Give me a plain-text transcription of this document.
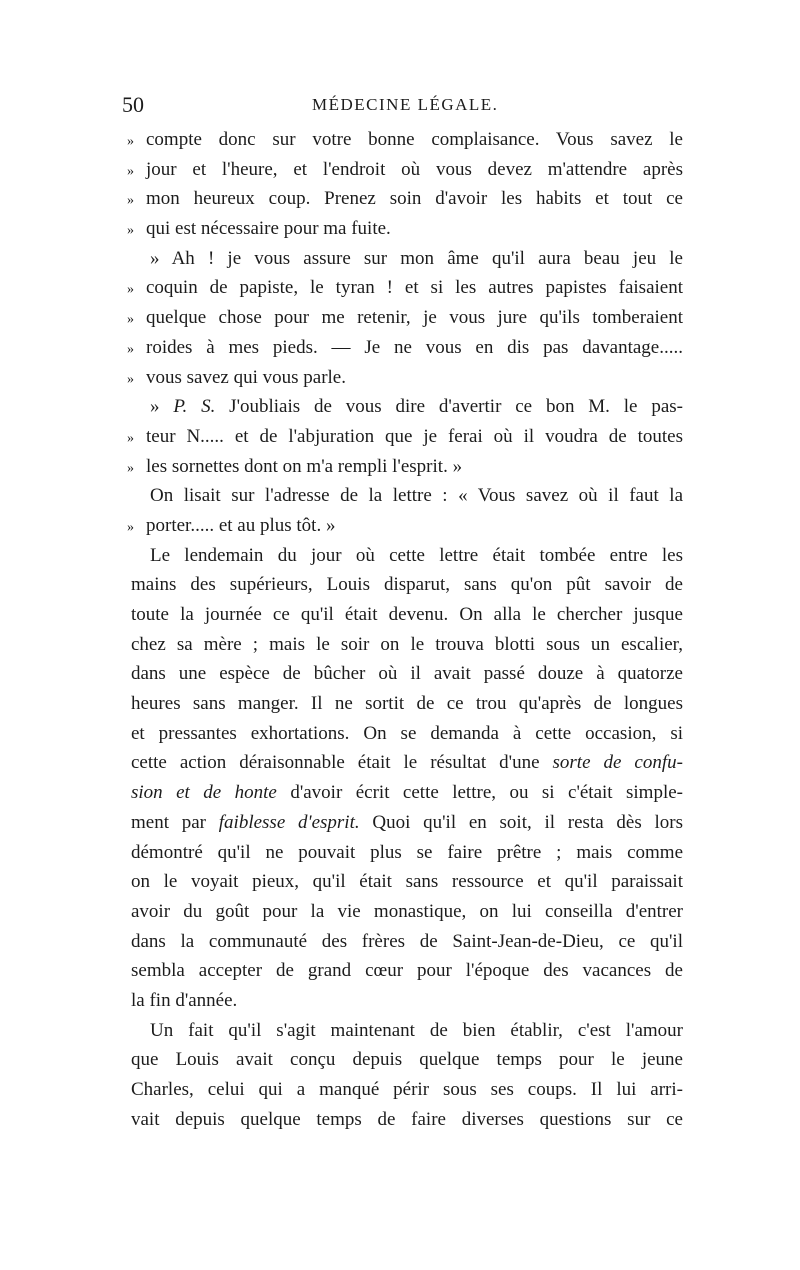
50	MÉDECINE LÉGALE.
» compte donc sur votre bonne complaisance. Vous savez le
» jour et l'heure, et l'endroit où vous devez m'attendre après
» mon heureux coup. Prenez soin d'avoir les habits et tout ce
» qui est nécessaire pour ma fuite.
» Ah ! je vous assure sur mon âme qu'il aura beau jeu le
» coquin de papiste, le tyran ! et si les autres papistes faisaient
» quelque chose pour me retenir, je vous jure qu'ils tomberaient
» roides à mes pieds. — Je ne vous en dis pas davantage.....
» vous savez qui vous parle.
» P. S. J'oubliais de vous dire d'avertir ce bon M. le pas-
» teur N..... et de l'abjuration que je ferai où il voudra de toutes
» les sornettes dont on m'a rempli l'esprit. »
On lisait sur l'adresse de la lettre : « Vous savez où il faut la
» porter..... et au plus tôt. »
Le lendemain du jour où cette lettre était tombée entre les
mains des supérieurs, Louis disparut, sans qu'on pût savoir de
toute la journée ce qu'il était devenu. On alla le chercher jusque
chez sa mère ; mais le soir on le trouva blotti sous un escalier,
dans une espèce de bûcher où il avait passé douze à quatorze
heures sans manger. Il ne sortit de ce trou qu'après de longues
et pressantes exhortations. On se demanda à cette occasion, si
cette action déraisonnable était le résultat d'une sorte de confu-
sion et de honte d'avoir écrit cette lettre, ou si c'était simple-
ment par faiblesse d'esprit. Quoi qu'il en soit, il resta dès lors
démontré qu'il ne pouvait plus se faire prêtre ; mais comme
on le voyait pieux, qu'il était sans ressource et qu'il paraissait
avoir du goût pour la vie monastique, on lui conseilla d'entrer
dans la communauté des frères de Saint-Jean-de-Dieu, ce qu'il
sembla accepter de grand cœur pour l'époque des vacances de
la fin d'année.
Un fait qu'il s'agit maintenant de bien établir, c'est l'amour
que Louis avait conçu depuis quelque temps pour le jeune
Charles, celui qui a manqué périr sous ses coups. Il lui arri-
vait depuis quelque temps de faire diverses questions sur ce
